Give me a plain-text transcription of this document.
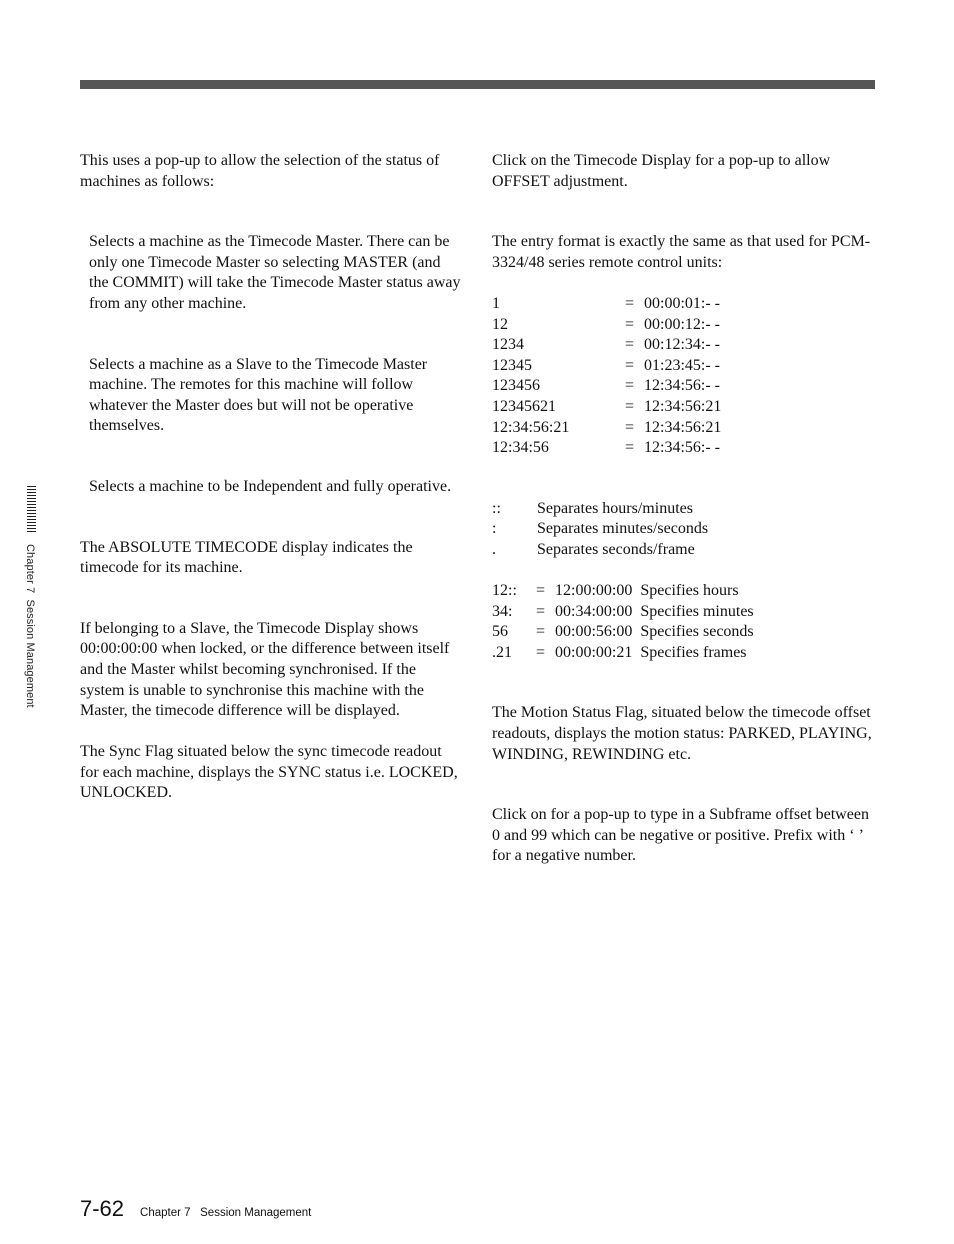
This uses a pop-up to allow the selection of the status of machines as follows:

Selects a machine as the Timecode Master. There can be only one Timecode Master so selecting MASTER (and the COMMIT) will take the Timecode Master status away from any other machine.

Selects a machine as a Slave to the Timecode Master machine. The remotes for this machine will follow whatever the Master does but will not be operative themselves.

Selects a machine to be Independent and fully operative.

The ABSOLUTE TIMECODE display indicates the timecode for its machine.

If belonging to a Slave, the Timecode Display shows 00:00:00:00 when locked, or the difference between itself and the Master whilst becoming synchronised. If the system is unable to synchronise this machine with the Master, the timecode difference will be displayed.

The Sync Flag situated below the sync timecode readout for each machine, displays the SYNC status i.e. LOCKED, UNLOCKED.

Click on the Timecode Display for a pop-up to allow OFFSET adjustment.

The entry format is exactly the same as that used for PCM-3324/48 series remote control units:

1	= 00:00:01:- -
12	= 00:00:12:- -
1234	= 00:12:34:- -
12345	= 01:23:45:- -
123456	= 12:34:56:- -
12345621	= 12:34:56:21
12:34:56:21	= 12:34:56:21
12:34:56	= 12:34:56:- -
::	Separates hours/minutes
:	Separates minutes/seconds
.	Separates seconds/frame
12::	= 12:00:00:00  Specifies hours
34:	= 00:34:00:00  Specifies minutes
56	= 00:00:56:00  Specifies seconds
.21	= 00:00:00:21  Specifies frames

The Motion Status Flag, situated below the timecode offset readouts, displays the motion status: PARKED, PLAYING, WINDING, REWINDING etc.

Click on for a pop-up to type in a Subframe offset between 0 and 99 which can be negative or positive. Prefix with ‘ ’ for a negative number.

Chapter 7  Session Management
7-62 Chapter 7   Session Management
